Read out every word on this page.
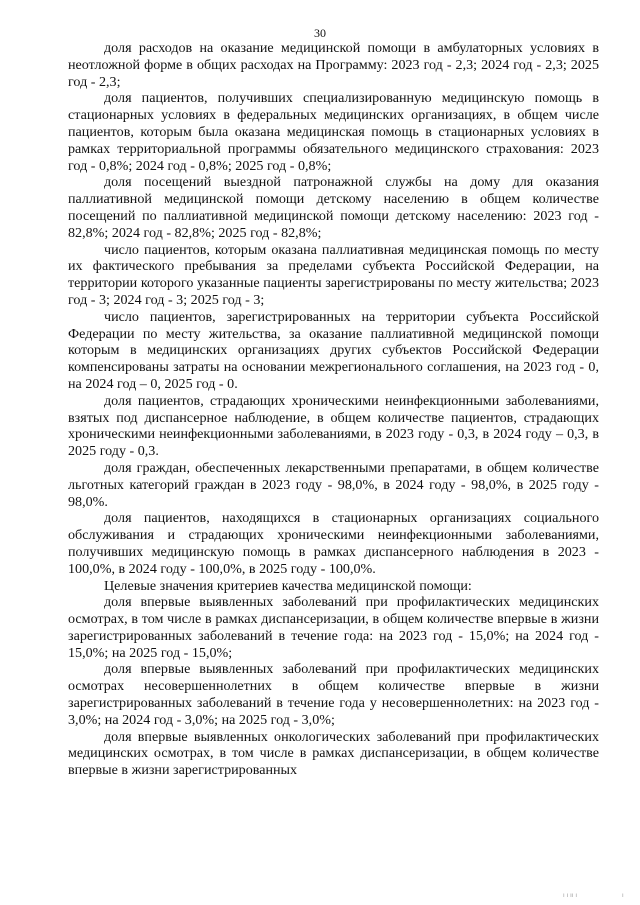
30

доля расходов на оказание медицинской помощи в амбулаторных условиях в неотложной форме в общих расходах на Программу: 2023 год - 2,3; 2024 год - 2,3; 2025 год - 2,3;

доля пациентов, получивших специализированную медицинскую помощь в стационарных условиях в федеральных медицинских организациях, в общем числе пациентов, которым была оказана медицинская помощь в стационарных условиях в рамках территориальной программы обязательного медицинского страхования: 2023 год - 0,8%; 2024 год - 0,8%; 2025 год - 0,8%;

доля посещений выездной патронажной службы на дому для оказания паллиативной медицинской помощи детскому населению в общем количестве посещений по паллиативной медицинской помощи детскому населению: 2023 год - 82,8%; 2024 год - 82,8%; 2025 год - 82,8%;

число пациентов, которым оказана паллиативная медицинская помощь по месту их фактического пребывания за пределами субъекта Российской Федерации, на территории которого указанные пациенты зарегистрированы по месту жительства; 2023 год - 3; 2024 год - 3; 2025 год - 3;

число пациентов, зарегистрированных на территории субъекта Российской Федерации по месту жительства, за оказание паллиативной медицинской помощи которым в медицинских организациях других субъектов Российской Федерации компенсированы затраты на основании межрегионального соглашения, на 2023 год - 0, на 2024 год – 0, 2025 год - 0.

доля пациентов, страдающих хроническими неинфекционными заболеваниями, взятых под диспансерное наблюдение, в общем количестве пациентов, страдающих хроническими неинфекционными заболеваниями, в 2023 году - 0,3, в 2024 году – 0,3, в 2025 году - 0,3.

доля граждан, обеспеченных лекарственными препаратами, в общем количестве льготных категорий граждан в 2023 году - 98,0%, в 2024 году - 98,0%, в 2025 году - 98,0%.

доля пациентов, находящихся в стационарных организациях социального обслуживания и страдающих хроническими неинфекционными заболеваниями, получивших медицинскую помощь в рамках диспансерного наблюдения в 2023 - 100,0%, в 2024 году - 100,0%, в 2025 году - 100,0%.

Целевые значения критериев качества медицинской помощи:

доля впервые выявленных заболеваний при профилактических медицинских осмотрах, в том числе в рамках диспансеризации, в общем количестве впервые в жизни зарегистрированных заболеваний в течение года: на 2023 год - 15,0%; на 2024 год - 15,0%; на 2025 год - 15,0%;

доля впервые выявленных заболеваний при профилактических медицинских осмотрах несовершеннолетних в общем количестве впервые в жизни зарегистрированных заболеваний в течение года у несовершеннолетних: на 2023 год - 3,0%; на 2024 год - 3,0%; на 2025 год - 3,0%;

доля впервые выявленных онкологических заболеваний при профилактических медицинских осмотрах, в том числе в рамках диспансеризации, в общем количестве впервые в жизни зарегистрированных

ı ı ıı ı	ı
